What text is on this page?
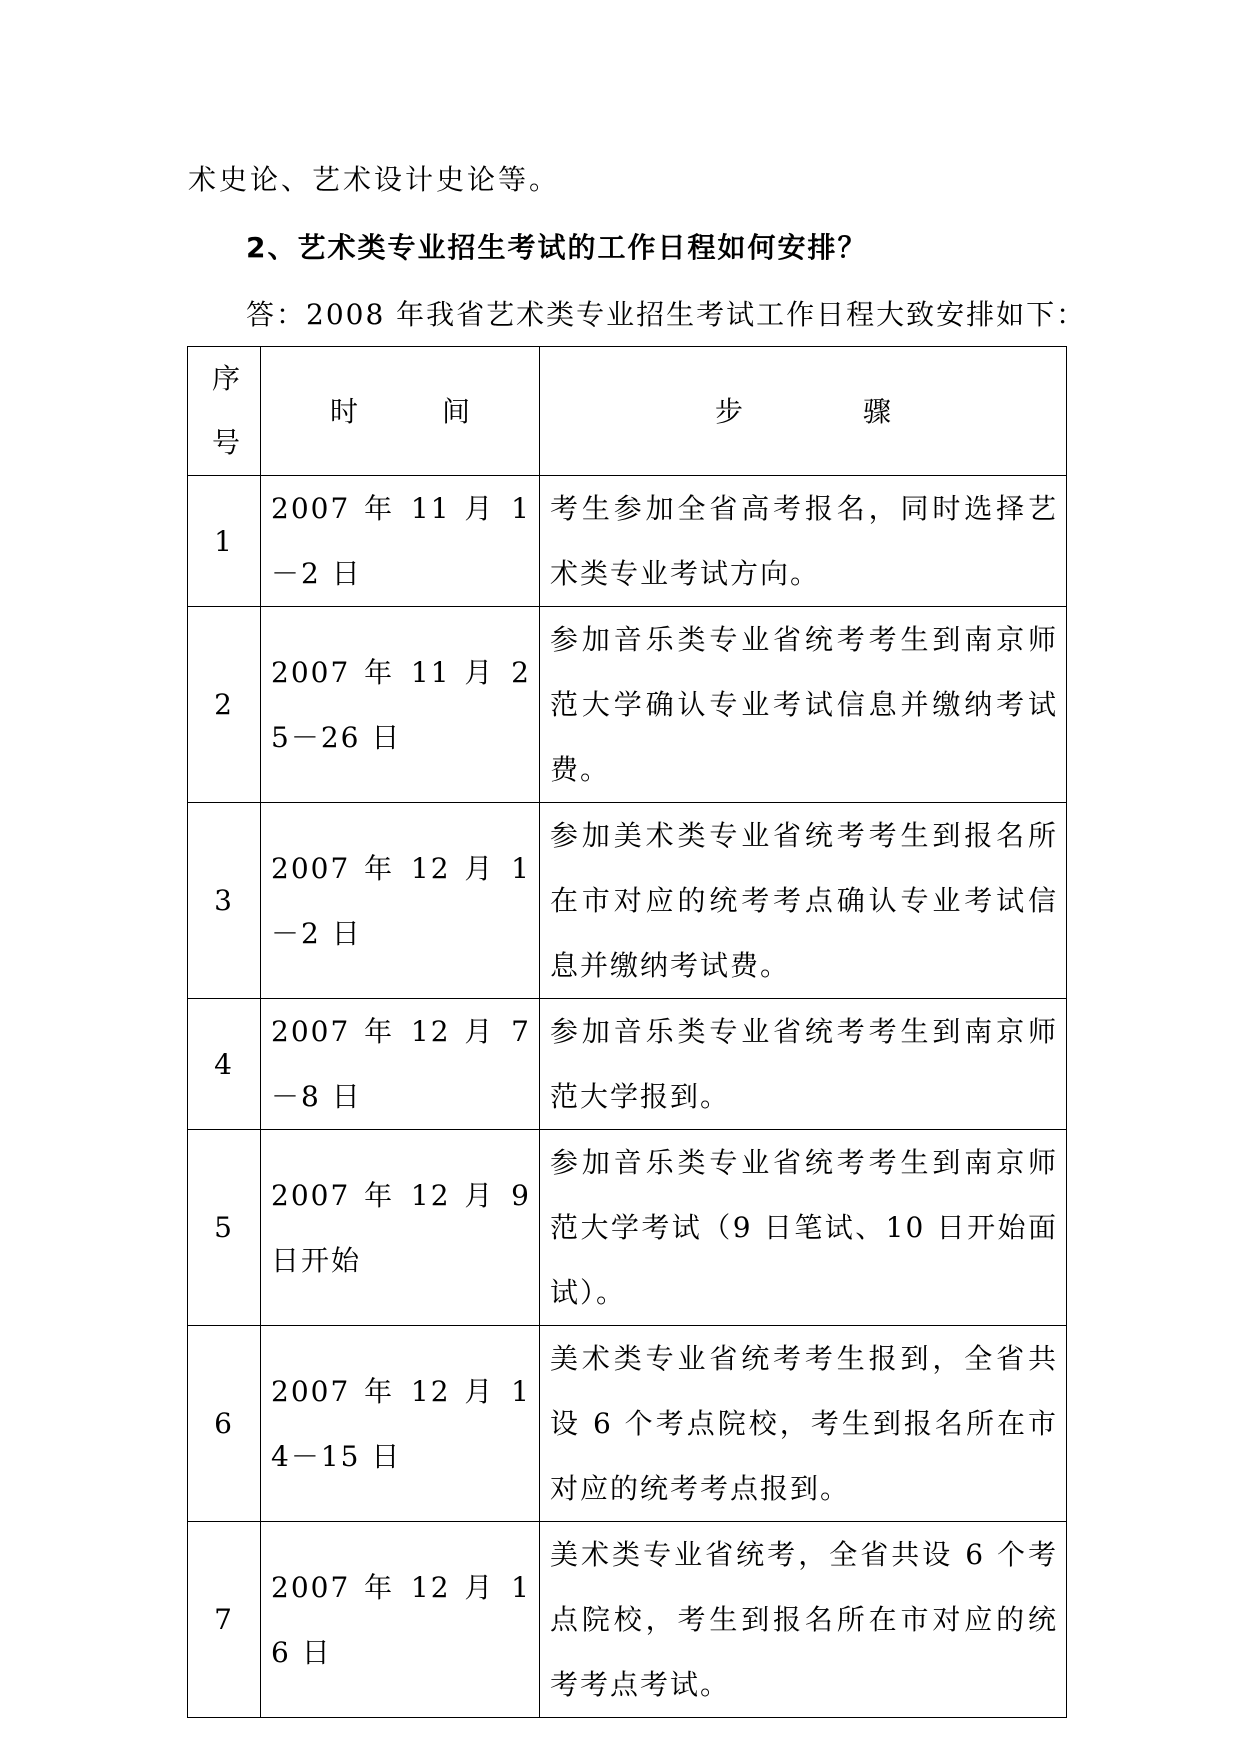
术史论、艺术设计史论等。
2、艺术类专业招生考试的工作日程如何安排？
答：2008 年我省艺术类专业招生考试工作日程大致安排如下：
序号	时 间	步 骤
1	2007 年 11 月 1－2 日	考生参加全省高考报名，同时选择艺术类专业考试方向。
2	2007 年 11 月 25－26 日	参加音乐类专业省统考考生到南京师范大学确认专业考试信息并缴纳考试费。
3	2007 年 12 月 1－2 日	参加美术类专业省统考考生到报名所在市对应的统考考点确认专业考试信息并缴纳考试费。
4	2007 年 12 月 7－8 日	参加音乐类专业省统考考生到南京师范大学报到。
5	2007 年 12 月 9 日开始	参加音乐类专业省统考考生到南京师范大学考试（9 日笔试、10 日开始面试）。
6	2007 年 12 月 14－15 日	美术类专业省统考考生报到，全省共设 6 个考点院校，考生到报名所在市对应的统考考点报到。
7	2007 年 12 月 16 日	美术类专业省统考，全省共设 6 个考点院校，考生到报名所在市对应的统考考点考试。
